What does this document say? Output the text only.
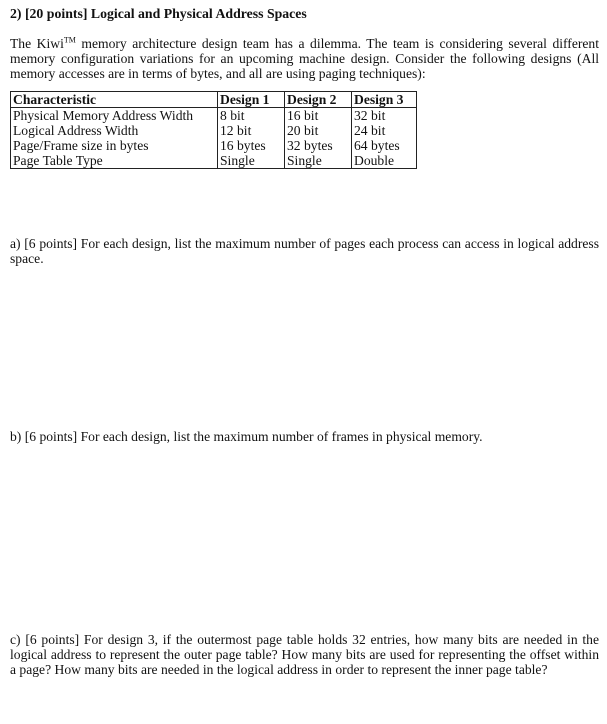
2) [20 points] Logical and Physical Address Spaces

The Kiwi™ memory architecture design team has a dilemma. The team is considering several different memory configuration variations for an upcoming machine design. Consider the following designs (All memory accesses are in terms of bytes, and all are using paging techniques):

Characteristic	Design 1	Design 2	Design 3
Physical Memory Address Width	8 bit	16 bit	32 bit
Logical Address Width	12 bit	20 bit	24 bit
Page/Frame size in bytes	16 bytes	32 bytes	64 bytes
Page Table Type	Single	Single	Double

a) [6 points] For each design, list the maximum number of pages each process can access in logical address space.

b) [6 points] For each design, list the maximum number of frames in physical memory.

c) [6 points] For design 3, if the outermost page table holds 32 entries, how many bits are needed in the logical address to represent the outer page table? How many bits are used for representing the offset within a page? How many bits are needed in the logical address in order to represent the inner page table?
